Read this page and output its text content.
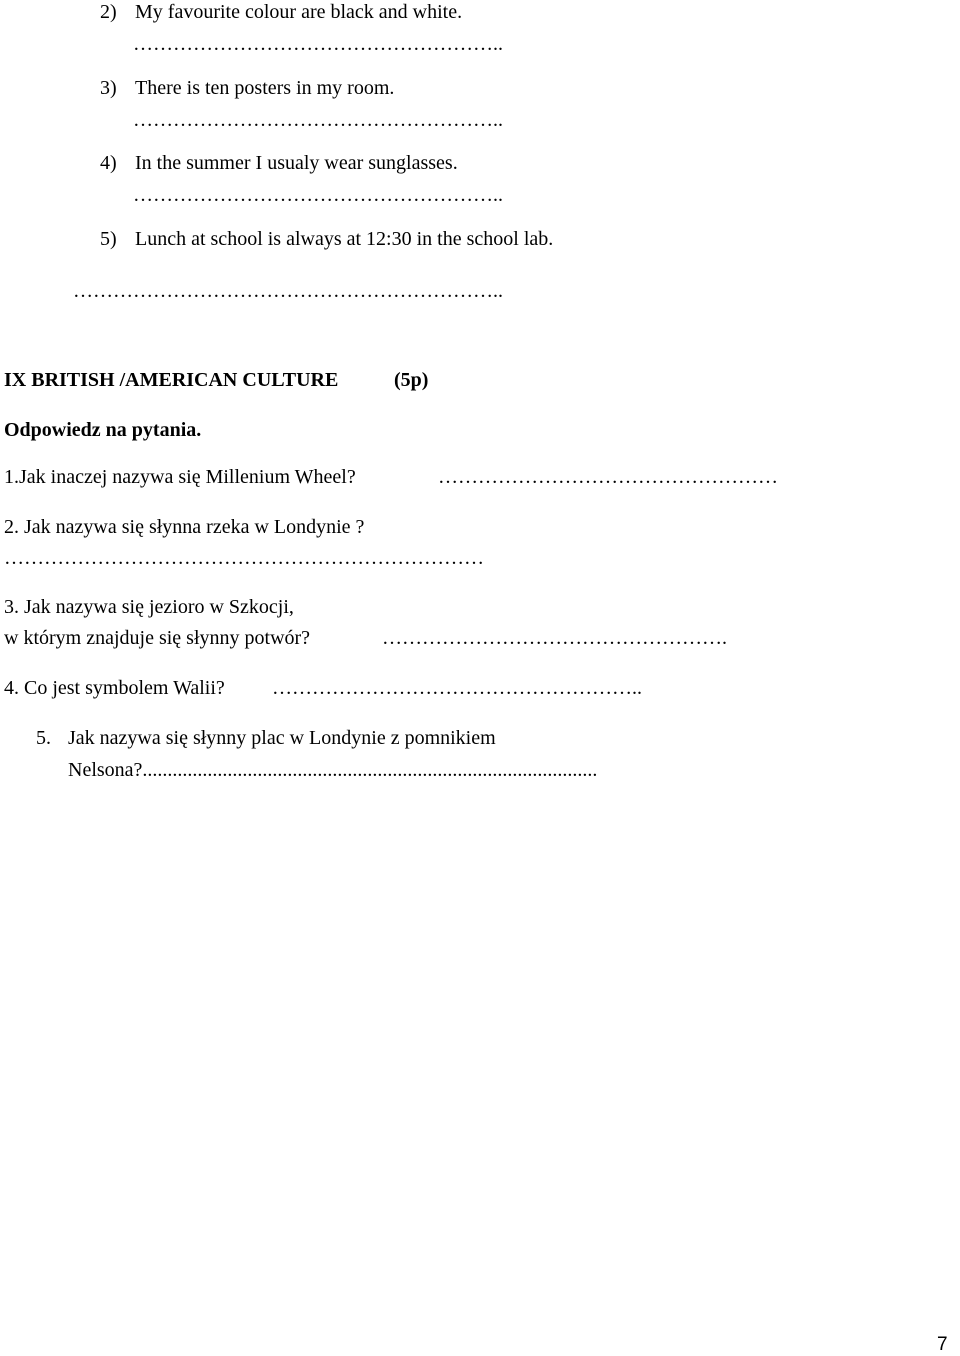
2) My favourite colour are black and white.
………………………………………………..
3) There is ten posters in my room.
………………………………………………..
4) In the summer I usualy wear sunglasses.
………………………………………………..
5) Lunch at school is always at 12:30 in the school lab.
………………………………………………………..
IX BRITISH /AMERICAN CULTURE	(5p)
Odpowiedz na pytania.
1.Jak inaczej nazywa się Millenium Wheel?	……………………………………………
2. Jak nazywa się słynna rzeka w Londynie ?
………………………………………………………………
3. Jak nazywa się jezioro w Szkocji,
w którym znajduje się słynny potwór?	…………………………………………….
4. Co jest symbolem Walii? ………………………………………………..
5. Jak nazywa się słynny plac w Londynie z pomnikiem
Nelsona?...........................................................................................
7
